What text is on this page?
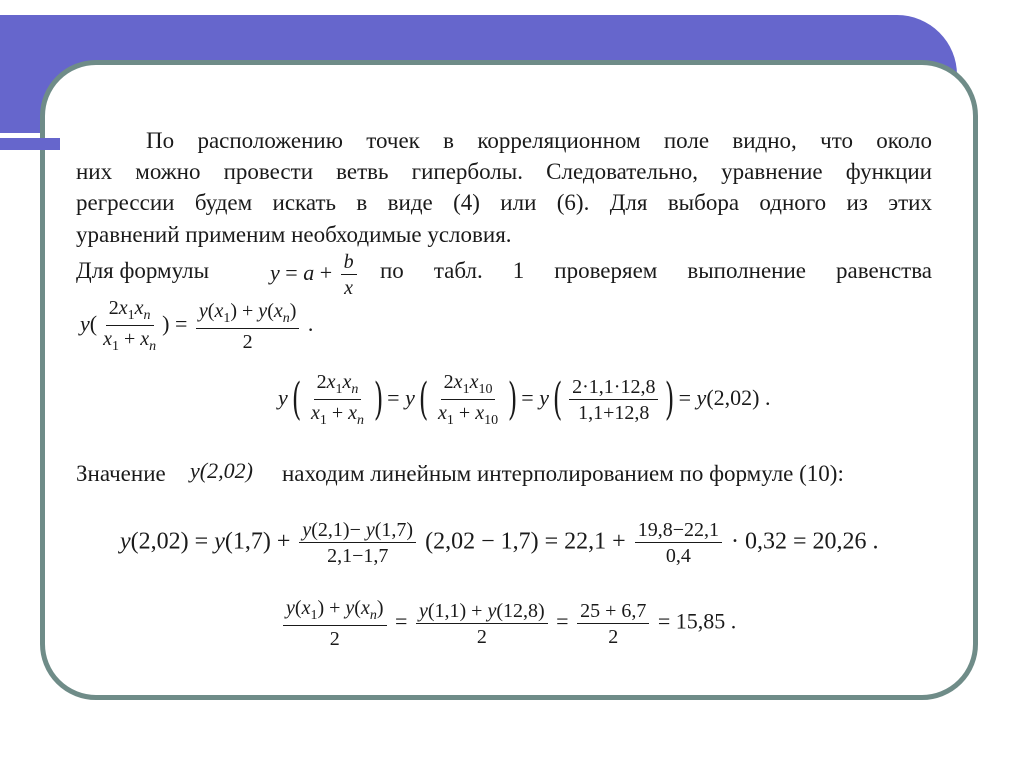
По расположению точек в корреляционном поле видно, что около
них можно провести ветвь гиперболы. Следовательно, уравнение функции
регрессии будем искать в виде (4) или (6). Для выбора одного из этих
уравнений применим необходимые условия.
Для формулы	$y = a + \frac{b}{x}$ по табл. 1 проверяем выполнение равенства
$y( \frac{2x_1x_n}{x_1 + x_n}$ ) = $\frac{y(x_1) + y(x_n)}{2}$ .
$y( \frac{2x_1x_n}{x_1 + x_n}$ ) = $y( \frac{2x_1x_{10}}{x_1 + x_{10}}$ ) = $y( \frac{2\cdot 1,1\cdot 12,8}{1,1+12,8}$ ) = y(2,02) .
Значение y(2,02) находим линейным интерполированием по формуле (10):
$y(2,02) = y(1,7) + \frac{y(2,1)- y(1,7)}{2,1-1,7} (2,02 - 1,7) = 22,1 + \frac{19,8-22,1}{0,4} \cdot 0,32 = 20,26$ .
$\frac{y(x_1) + y(x_n)}{2} = \frac{y(1,1) + y(12,8)}{2} = \frac{25 + 6,7}{2} = 15,85$ .
